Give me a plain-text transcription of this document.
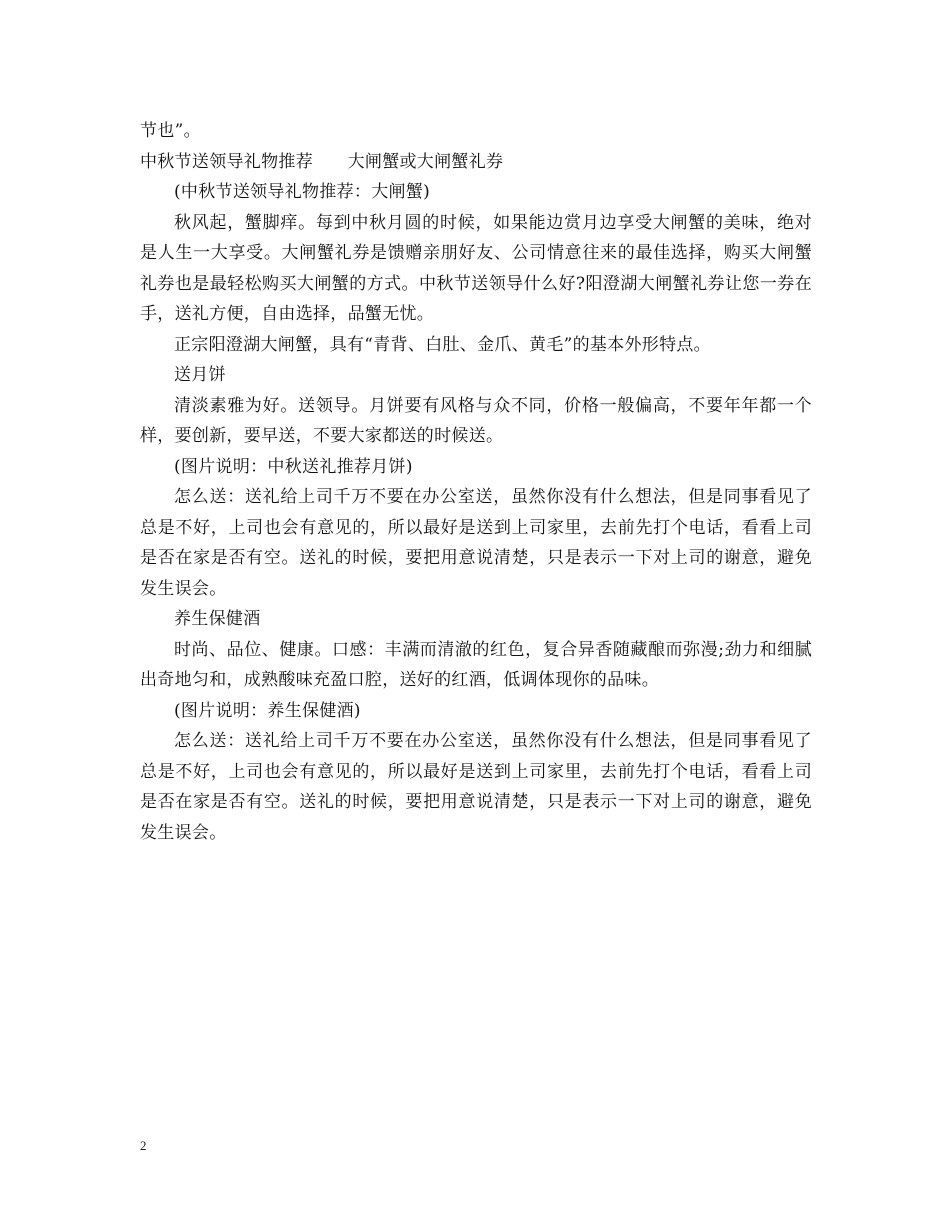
节也”。

中秋节送领导礼物推荐　　大闸蟹或大闸蟹礼券

(中秋节送领导礼物推荐：大闸蟹)

秋风起，蟹脚痒。每到中秋月圆的时候，如果能边赏月边享受大闸蟹的美味，绝对是人生一大享受。大闸蟹礼券是馈赠亲朋好友、公司情意往来的最佳选择，购买大闸蟹礼券也是最轻松购买大闸蟹的方式。中秋节送领导什么好?阳澄湖大闸蟹礼券让您一券在手，送礼方便，自由选择，品蟹无忧。

正宗阳澄湖大闸蟹，具有“青背、白肚、金爪、黄毛”的基本外形特点。

送月饼

清淡素雅为好。送领导。月饼要有风格与众不同，价格一般偏高，不要年年都一个样，要创新，要早送，不要大家都送的时候送。

(图片说明：中秋送礼推荐月饼)

怎么送：送礼给上司千万不要在办公室送，虽然你没有什么想法，但是同事看见了总是不好，上司也会有意见的，所以最好是送到上司家里，去前先打个电话，看看上司是否在家是否有空。送礼的时候，要把用意说清楚，只是表示一下对上司的谢意，避免发生误会。

养生保健酒

时尚、品位、健康。口感：丰满而清澈的红色，复合异香随藏酿而弥漫;劲力和细腻出奇地匀和，成熟酸味充盈口腔，送好的红酒，低调体现你的品味。

(图片说明：养生保健酒)

怎么送：送礼给上司千万不要在办公室送，虽然你没有什么想法，但是同事看见了总是不好，上司也会有意见的，所以最好是送到上司家里，去前先打个电话，看看上司是否在家是否有空。送礼的时候，要把用意说清楚，只是表示一下对上司的谢意，避免发生误会。

2
